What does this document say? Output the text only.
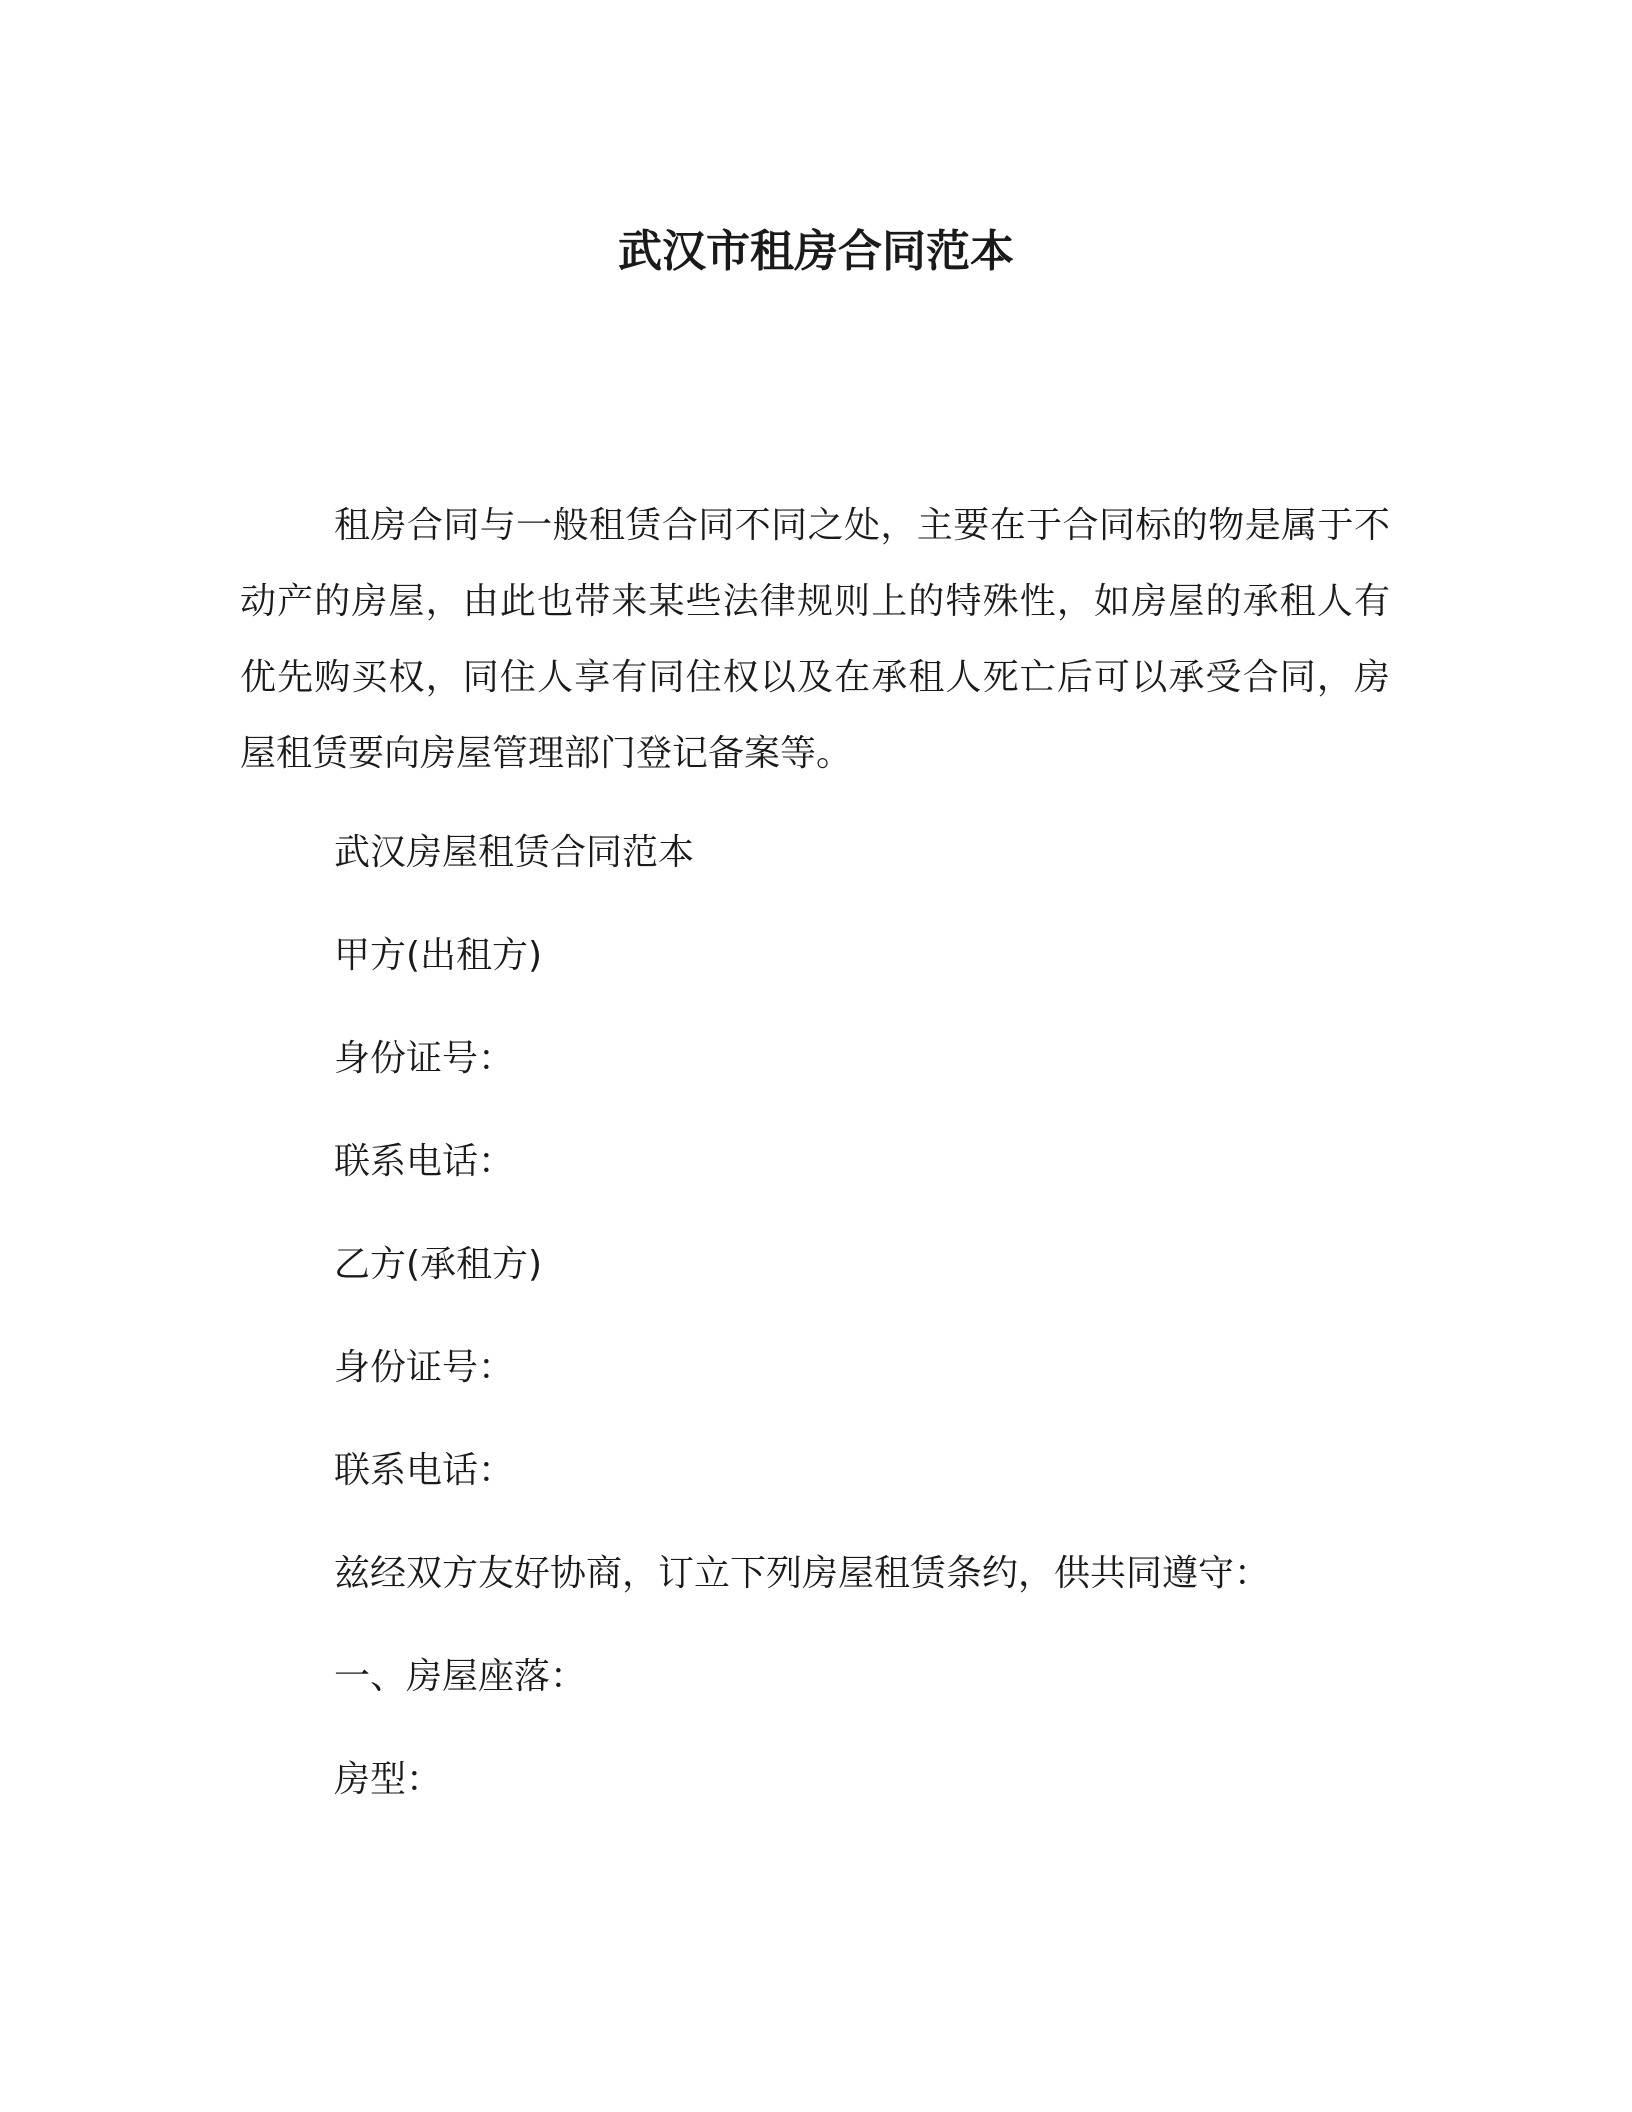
武汉市租房合同范本

租房合同与一般租赁合同不同之处，主要在于合同标的物是属于不动产的房屋，由此也带来某些法律规则上的特殊性，如房屋的承租人有优先购买权，同住人享有同住权以及在承租人死亡后可以承受合同，房屋租赁要向房屋管理部门登记备案等。

武汉房屋租赁合同范本

甲方(出租方)

身份证号：

联系电话：

乙方(承租方)

身份证号：

联系电话：

兹经双方友好协商，订立下列房屋租赁条约，供共同遵守：

一、房屋座落：

房型：
